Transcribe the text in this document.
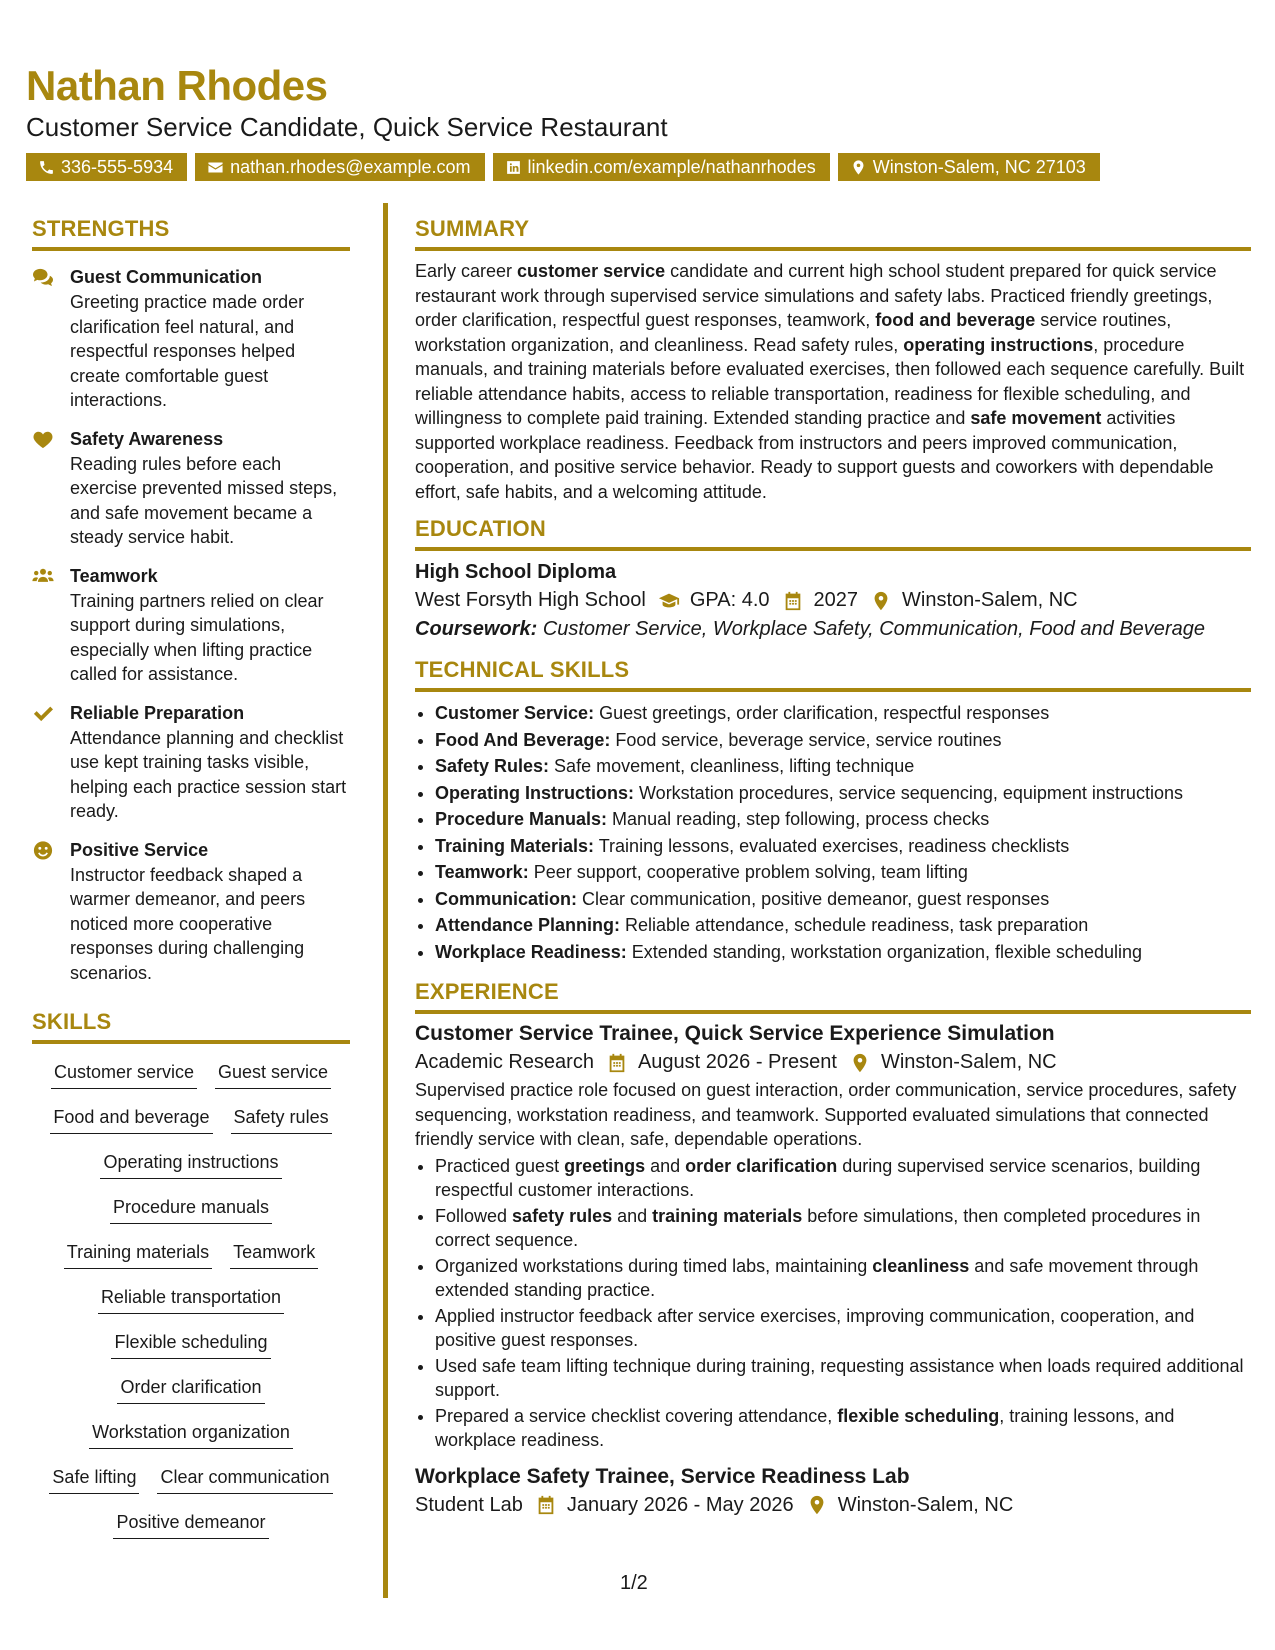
Nathan Rhodes
Customer Service Candidate, Quick Service Restaurant
336-555-5934	nathan.rhodes@example.com	linkedin.com/example/nathanrhodes	Winston-Salem, NC 27103
STRENGTHS
Guest Communication
Greeting practice made order clarification feel natural, and respectful responses helped create comfortable guest interactions.
Safety Awareness
Reading rules before each exercise prevented missed steps, and safe movement became a steady service habit.
Teamwork
Training partners relied on clear support during simulations, especially when lifting practice called for assistance.
Reliable Preparation
Attendance planning and checklist use kept training tasks visible, helping each practice session start ready.
Positive Service
Instructor feedback shaped a warmer demeanor, and peers noticed more cooperative responses during challenging scenarios.
SKILLS
Customer service Guest service
Food and beverage Safety rules
Operating instructions
Procedure manuals
Training materials Teamwork
Reliable transportation
Flexible scheduling
Order clarification
Workstation organization
Safe lifting Clear communication
Positive demeanor
SUMMARY
Early career customer service candidate and current high school student prepared for quick service restaurant work through supervised service simulations and safety labs. Practiced friendly greetings, order clarification, respectful guest responses, teamwork, food and beverage service routines, workstation organization, and cleanliness. Read safety rules, operating instructions, procedure manuals, and training materials before evaluated exercises, then followed each sequence carefully. Built reliable attendance habits, access to reliable transportation, readiness for flexible scheduling, and willingness to complete paid training. Extended standing practice and safe movement activities supported workplace readiness. Feedback from instructors and peers improved communication, cooperation, and positive service behavior. Ready to support guests and coworkers with dependable effort, safe habits, and a welcoming attitude.
EDUCATION
High School Diploma
West Forsyth High School GPA: 4.0 2027 Winston-Salem, NC
Coursework: Customer Service, Workplace Safety, Communication, Food and Beverage
TECHNICAL SKILLS
• Customer Service: Guest greetings, order clarification, respectful responses
• Food And Beverage: Food service, beverage service, service routines
• Safety Rules: Safe movement, cleanliness, lifting technique
• Operating Instructions: Workstation procedures, service sequencing, equipment instructions
• Procedure Manuals: Manual reading, step following, process checks
• Training Materials: Training lessons, evaluated exercises, readiness checklists
• Teamwork: Peer support, cooperative problem solving, team lifting
• Communication: Clear communication, positive demeanor, guest responses
• Attendance Planning: Reliable attendance, schedule readiness, task preparation
• Workplace Readiness: Extended standing, workstation organization, flexible scheduling
EXPERIENCE
Customer Service Trainee, Quick Service Experience Simulation
Academic Research August 2026 - Present Winston-Salem, NC
Supervised practice role focused on guest interaction, order communication, service procedures, safety sequencing, workstation readiness, and teamwork. Supported evaluated simulations that connected friendly service with clean, safe, dependable operations.
• Practiced guest greetings and order clarification during supervised service scenarios, building respectful customer interactions.
• Followed safety rules and training materials before simulations, then completed procedures in correct sequence.
• Organized workstations during timed labs, maintaining cleanliness and safe movement through extended standing practice.
• Applied instructor feedback after service exercises, improving communication, cooperation, and positive guest responses.
• Used safe team lifting technique during training, requesting assistance when loads required additional support.
• Prepared a service checklist covering attendance, flexible scheduling, training lessons, and workplace readiness.
Workplace Safety Trainee, Service Readiness Lab
Student Lab January 2026 - May 2026 Winston-Salem, NC
1/2
